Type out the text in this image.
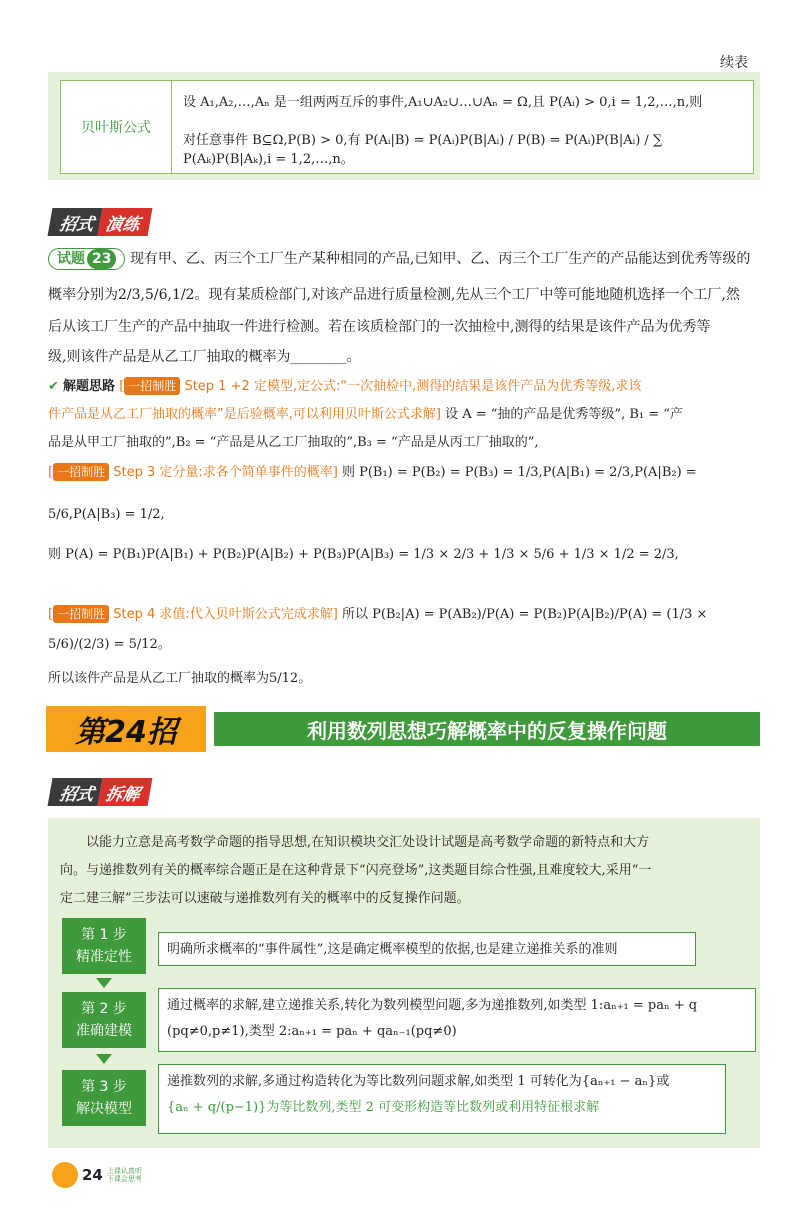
续表
贝叶斯公式
设 A₁,A₂,…,Aₙ 是一组两两互斥的事件,A₁∪A₂∪…∪Aₙ = Ω,且 P(Aᵢ) > 0,i = 1,2,…,n,则
对任意事件 B⊆Ω,P(B) > 0,有 P(Aᵢ|B) = P(Aᵢ)P(B|Aᵢ) / P(B) = P(Aᵢ)P(B|Aᵢ) / ∑ P(Aₖ)P(B|Aₖ),i = 1,2,…,n。
招式 演练
试题 23 现有甲、乙、丙三个工厂生产某种相同的产品,已知甲、乙、丙三个工厂生产的产品能达到优秀等级的
概率分别为2/3,5/6,1/2。现有某质检部门,对该产品进行质量检测,先从三个工厂中等可能地随机选择一个工厂,然
后从该工厂生产的产品中抽取一件进行检测。若在该质检部门的一次抽检中,测得的结果是该件产品为优秀等
级,则该件产品是从乙工厂抽取的概率为________。
✔ 解题思路 [ 一招制胜 Step 1 +2 定模型,定公式:“一次抽检中,测得的结果是该件产品为优秀等级,求该
件产品是从乙工厂抽取的概率”是后验概率,可以利用贝叶斯公式求解] 设 A = “抽的产品是优秀等级”, B₁ = “产
品是从甲工厂抽取的”,B₂ = “产品是从乙工厂抽取的”,B₃ = “产品是从丙工厂抽取的”,
[ 一招制胜 Step 3 定分量:求各个简单事件的概率] 则 P(B₁) = P(B₂) = P(B₃) = 1/3,P(A|B₁) = 2/3,P(A|B₂) =
5/6,P(A|B₃) = 1/2,
则 P(A) = P(B₁)P(A|B₁) + P(B₂)P(A|B₂) + P(B₃)P(A|B₃) = 1/3 × 2/3 + 1/3 × 5/6 + 1/3 × 1/2 = 2/3,
[ 一招制胜 Step 4 求值:代入贝叶斯公式完成求解] 所以 P(B₂|A) = P(AB₂)/P(A) = P(B₂)P(A|B₂)/P(A) = (1/3 × 5/6)/(2/3) = 5/12。
所以该件产品是从乙工厂抽取的概率为5/12。
第24招	利用数列思想巧解概率中的反复操作问题
招式 拆解
以能力立意是高考数学命题的指导思想,在知识模块交汇处设计试题是高考数学命题的新特点和大方
向。与递推数列有关的概率综合题正是在这种背景下“闪亮登场”,这类题目综合性强,且难度较大,采用“一
定二建三解”三步法可以速破与递推数列有关的概率中的反复操作问题。
第 1 步
精准定性	明确所求概率的“事件属性”,这是确定概率模型的依据,也是建立递推关系的准则
第 2 步
准确建模
通过概率的求解,建立递推关系,转化为数列模型问题,多为递推数列,如类型 1:aₙ₊₁ = paₙ + q
(pq≠0,p≠1),类型 2:aₙ₊₁ = paₙ + qaₙ₋₁(pq≠0)
第 3 步
解决模型
递推数列的求解,多通过构造转化为等比数列问题求解,如类型 1 可转化为{aₙ₊₁ − aₙ}或
{aₙ + q/(p−1)}为等比数列,类型 2 可变形构造等比数列或利用特征根求解
24 上课认真听
下课会思考
